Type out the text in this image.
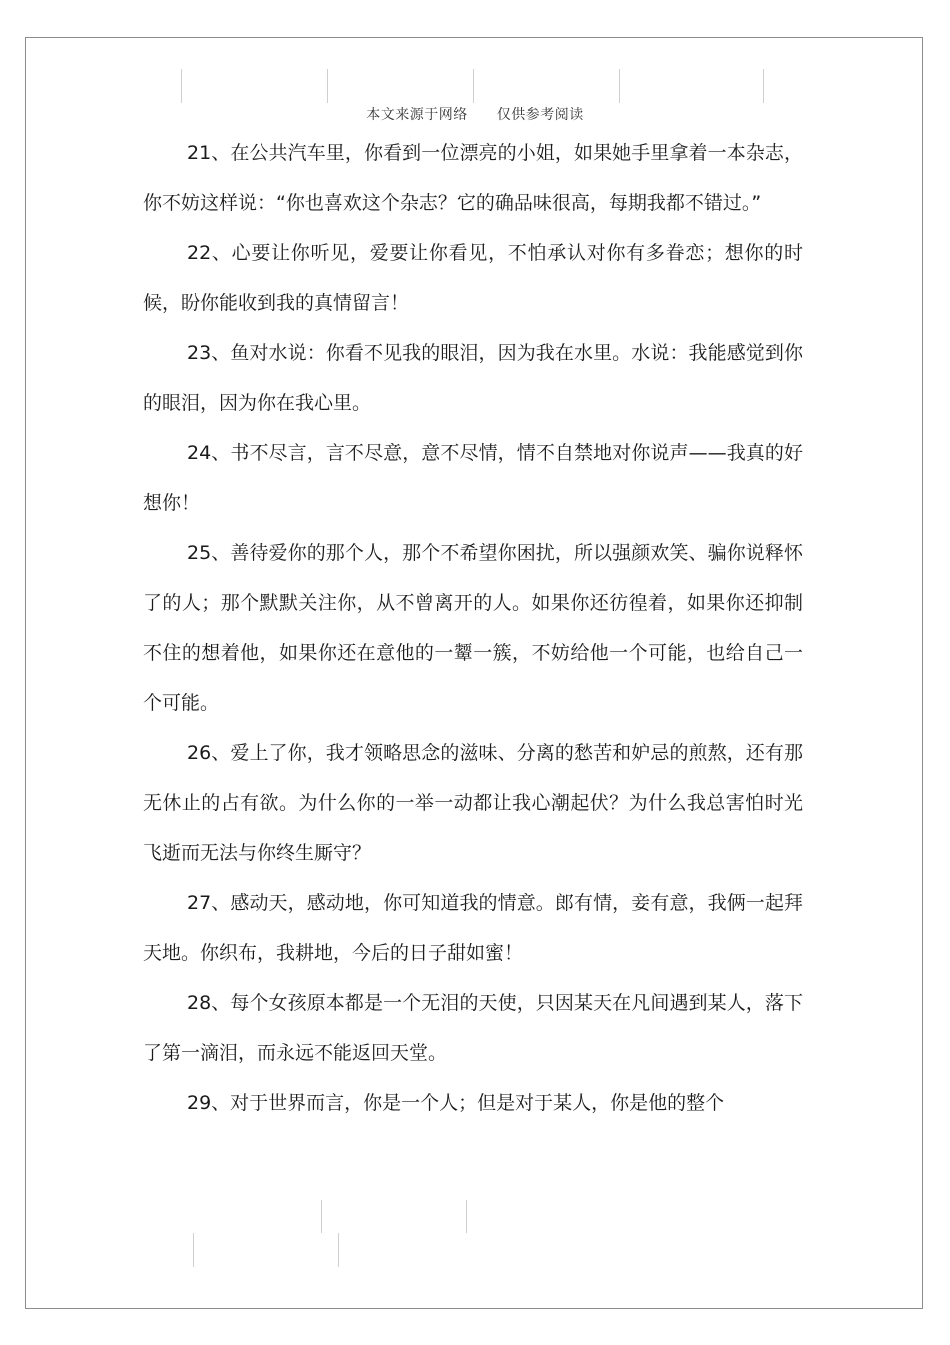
本文来源于网络 仅供参考阅读

21、在公共汽车里，你看到一位漂亮的小姐，如果她手里拿着一本杂志，你不妨这样说：“你也喜欢这个杂志？它的确品味很高，每期我都不错过。”

22、心要让你听见，爱要让你看见，不怕承认对你有多眷恋；想你的时候，盼你能收到我的真情留言！

23、鱼对水说：你看不见我的眼泪，因为我在水里。水说：我能感觉到你的眼泪，因为你在我心里。

24、书不尽言，言不尽意，意不尽情，情不自禁地对你说声——我真的好想你！

25、善待爱你的那个人，那个不希望你困扰，所以强颜欢笑、骗你说释怀了的人；那个默默关注你，从不曾离开的人。如果你还彷徨着，如果你还抑制不住的想着他，如果你还在意他的一颦一簇，不妨给他一个可能，也给自己一个可能。

26、爱上了你，我才领略思念的滋味、分离的愁苦和妒忌的煎熬，还有那无休止的占有欲。为什么你的一举一动都让我心潮起伏？为什么我总害怕时光飞逝而无法与你终生厮守？

27、感动天，感动地，你可知道我的情意。郎有情，妾有意，我俩一起拜天地。你织布，我耕地，今后的日子甜如蜜！

28、每个女孩原本都是一个无泪的天使，只因某天在凡间遇到某人，落下了第一滴泪，而永远不能返回天堂。

29、对于世界而言，你是一个人；但是对于某人，你是他的整个
